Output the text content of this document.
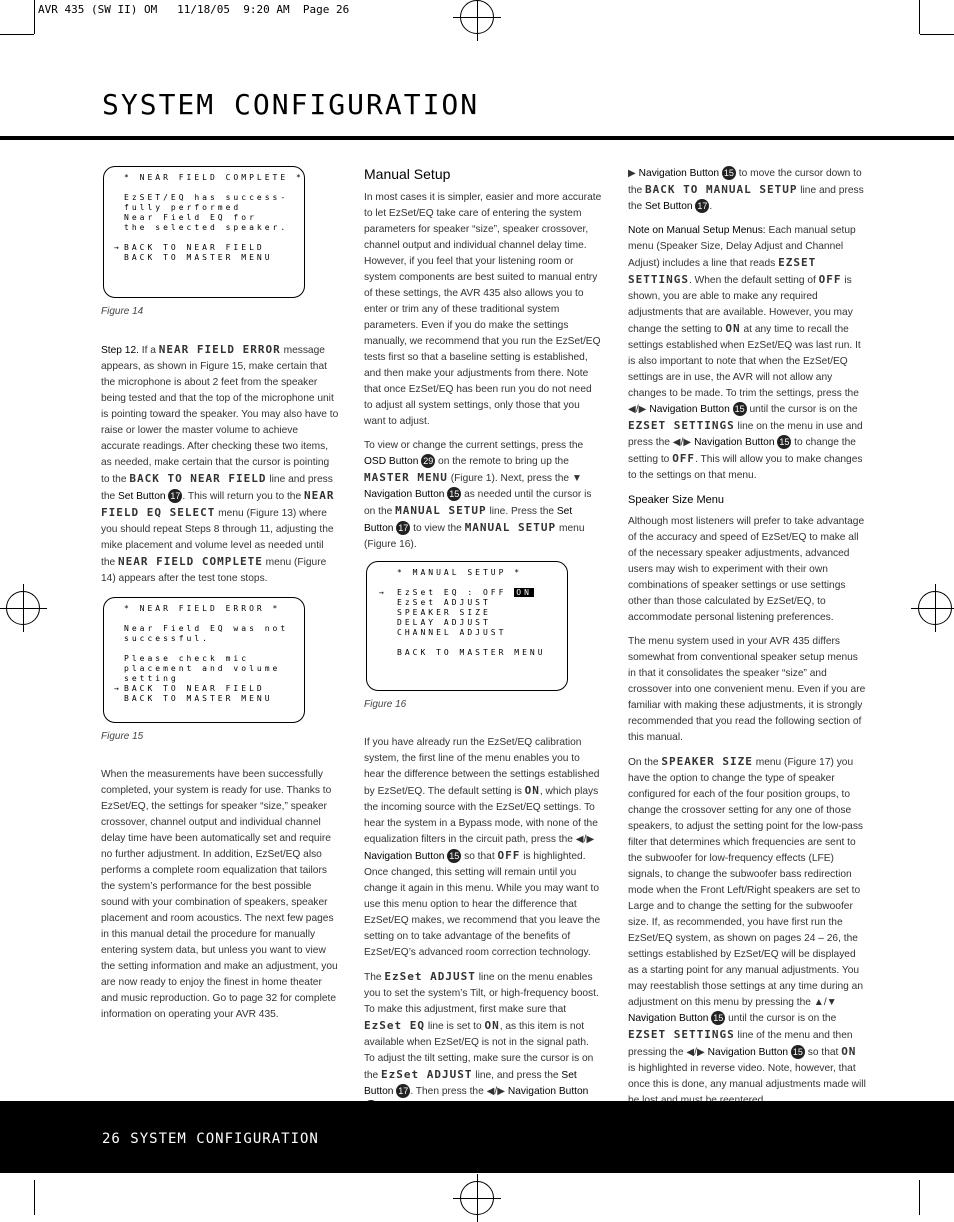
AVR 435 (SW II) OM   11/18/05  9:20 AM  Page 26
SYSTEM CONFIGURATION
* NEAR FIELD COMPLETE *

EzSET/EQ has success-
fully performed
Near Field EQ for
the selected speaker.

→ BACK TO NEAR FIELD
BACK TO MASTER MENU
Figure 14

Step 12. If a NEAR FIELD ERROR message appears, as shown in Figure 15, make certain that the microphone is about 2 feet from the speaker being tested and that the top of the microphone unit is pointing toward the speaker. You may also have to raise or lower the master volume to achieve accurate readings. After checking these two items, as needed, make certain that the cursor is pointing to the BACK TO NEAR FIELD line and press the Set Button 17 . This will return you to the NEAR FIELD EQ SELECT menu (Figure 13) where you should repeat Steps 8 through 11, adjusting the mike placement and volume level as needed until the NEAR FIELD COMPLETE menu (Figure 14) appears after the test tone stops.

* NEAR FIELD ERROR *

Near Field EQ was not
successful.

Please check mic
placement and volume
setting

→ BACK TO NEAR FIELD
BACK TO MASTER MENU
Figure 15

When the measurements have been successfully completed, your system is ready for use. Thanks to EzSet/EQ, the settings for speaker “size,” speaker crossover, channel output and individual channel delay time have been automatically set and require no further adjustment. In addition, EzSet/EQ also performs a complete room equalization that tailors the system’s performance for the best possible sound with your combination of speakers, speaker placement and room acoustics. The next few pages in this manual detail the procedure for manually entering system data, but unless you want to view the setting information and make an adjustment, you are now ready to enjoy the finest in home theater and music reproduction. Go to page 32 for complete information on operating your AVR 435.

Manual Setup

In most cases it is simpler, easier and more accurate to let EzSet/EQ take care of entering the system parameters for speaker “size”, speaker crossover, channel output and individual channel delay time. However, if you feel that your listening room or system components are best suited to manual entry of these settings, the AVR 435 also allows you to enter or trim any of these traditional system parameters. Even if you do make the settings manually, we recommend that you run the EzSet/EQ tests first so that a baseline setting is established, and then make your adjustments from there. Note that once EzSet/EQ has been run you do not need to adjust all system settings, only those that you want to adjust.

To view or change the current settings, press the OSD Button 29 on the remote to bring up the MASTER MENU (Figure 1). Next, press the ▼ Navigation Button 15 as needed until the cursor is on the MANUAL SETUP line. Press the Set Button 17 to view the MANUAL SETUP menu (Figure 16).

* MANUAL SETUP *

→ EzSet EQ : OFF ON
EzSet ADJUST
SPEAKER SIZE
DELAY ADJUST
CHANNEL ADJUST

BACK TO MASTER MENU
Figure 16

If you have already run the EzSet/EQ calibration system, the first line of the menu enables you to hear the difference between the settings established by EzSet/EQ. The default setting is ON, which plays the incoming source with the EzSet/EQ settings. To hear the system in a Bypass mode, with none of the equalization filters in the circuit path, press the ◀/▶ Navigation Button 15 so that OFF is highlighted. Once changed, this setting will remain until you change it again in this menu. While you may want to use this menu option to hear the difference that EzSet/EQ makes, we recommend that you leave the setting on to take advantage of the benefits of EzSet/EQ’s advanced room correction technology.

The EzSet ADJUST line on the menu enables you to set the system’s Tilt, or high-frequency boost. To make this adjustment, first make sure that EzSet EQ line is set to ON, as this item is not available when EzSet/EQ is not in the signal path. To adjust the tilt setting, make sure the cursor is on the EzSet ADJUST line, and press the Set Button 17 . Then press the ◀/▶ Navigation Button

▶ Navigation Button 15 to move the cursor down to the BACK TO MANUAL SETUP line and press the Set Button 17 .

Note on Manual Setup Menus: Each manual setup menu (Speaker Size, Delay Adjust and Channel Adjust) includes a line that reads EZSET SETTINGS. When the default setting of OFF is shown, you are able to make any required adjustments that are available. However, you may change the setting to ON at any time to recall the settings established when EzSet/EQ was last run. It is also important to note that when the EzSet/EQ settings are in use, the AVR will not allow any changes to be made. To trim the settings, press the ◀/▶ Navigation Button 15 until the cursor is on the EZSET SETTINGS line on the menu in use and press the ◀/▶ Navigation Button 15 to change the setting to OFF. This will allow you to make changes to the settings on that menu.

Speaker Size Menu

Although most listeners will prefer to take advantage of the accuracy and speed of EzSet/EQ to make all of the necessary speaker adjustments, advanced users may wish to experiment with their own combinations of speaker settings or use settings other than those calculated by EzSet/EQ, to accommodate personal listening preferences.

The menu system used in your AVR 435 differs somewhat from conventional speaker setup menus in that it consolidates the speaker “size” and crossover into one convenient menu. Even if you are familiar with making these adjustments, it is strongly recommended that you read the following section of this manual.

On the SPEAKER SIZE menu (Figure 17) you have the option to change the type of speaker configured for each of the four position groups, to change the crossover setting for any one of those speakers, to adjust the setting point for the low-pass filter that determines which frequencies are sent to the subwoofer for low-frequency effects (LFE) signals, to change the subwoofer bass redirection mode when the Front Left/Right speakers are set to Large and to change the setting for the subwoofer size. If, as recommended, you have first run the EzSet/EQ system, as shown on pages 24 – 26, the settings established by EzSet/EQ will be displayed as a starting point for any manual adjustments. You may reestablish those settings at any time during an adjustment on this menu by pressing the ▲/▼ Navigation Button 15 until the cursor is on the EZSET SETTINGS line of the menu and then pressing the ◀/▶ Navigation Button 15 so that ON is highlighted in reverse video. Note, however, that once this is done, any manual adjustments made will

26 SYSTEM CONFIGURATION
